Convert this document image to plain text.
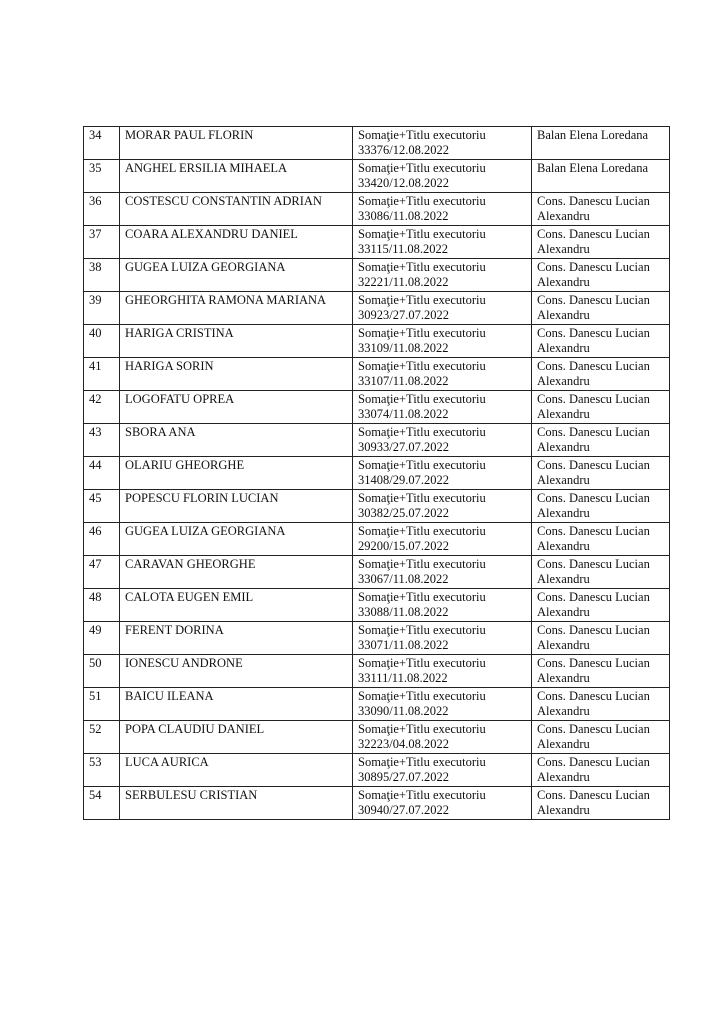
34	MORAR PAUL FLORIN	Somaţie+Titlu executoriu
33376/12.08.2022	Balan Elena Loredana

35	ANGHEL ERSILIA MIHAELA	Somaţie+Titlu executoriu
33420/12.08.2022	Balan Elena Loredana

36	COSTESCU CONSTANTIN ADRIAN	Somaţie+Titlu executoriu
33086/11.08.2022	Cons. Danescu Lucian
Alexandru

37	COARA ALEXANDRU DANIEL	Somaţie+Titlu executoriu
33115/11.08.2022	Cons. Danescu Lucian
Alexandru

38	GUGEA LUIZA GEORGIANA	Somaţie+Titlu executoriu
32221/11.08.2022	Cons. Danescu Lucian
Alexandru

39	GHEORGHITA RAMONA MARIANA	Somaţie+Titlu executoriu
30923/27.07.2022	Cons. Danescu Lucian
Alexandru

40	HARIGA CRISTINA	Somaţie+Titlu executoriu
33109/11.08.2022	Cons. Danescu Lucian
Alexandru

41	HARIGA SORIN	Somaţie+Titlu executoriu
33107/11.08.2022	Cons. Danescu Lucian
Alexandru

42	LOGOFATU OPREA	Somaţie+Titlu executoriu
33074/11.08.2022	Cons. Danescu Lucian
Alexandru

43	SBORA ANA	Somaţie+Titlu executoriu
30933/27.07.2022	Cons. Danescu Lucian
Alexandru

44	OLARIU GHEORGHE	Somaţie+Titlu executoriu
31408/29.07.2022	Cons. Danescu Lucian
Alexandru

45	POPESCU FLORIN LUCIAN	Somaţie+Titlu executoriu
30382/25.07.2022	Cons. Danescu Lucian
Alexandru

46	GUGEA LUIZA GEORGIANA	Somaţie+Titlu executoriu
29200/15.07.2022	Cons. Danescu Lucian
Alexandru

47	CARAVAN GHEORGHE	Somaţie+Titlu executoriu
33067/11.08.2022	Cons. Danescu Lucian
Alexandru

48	CALOTA EUGEN EMIL	Somaţie+Titlu executoriu
33088/11.08.2022	Cons. Danescu Lucian
Alexandru

49	FERENT DORINA	Somaţie+Titlu executoriu
33071/11.08.2022	Cons. Danescu Lucian
Alexandru

50	IONESCU ANDRONE	Somaţie+Titlu executoriu
33111/11.08.2022	Cons. Danescu Lucian
Alexandru

51	BAICU ILEANA	Somaţie+Titlu executoriu
33090/11.08.2022	Cons. Danescu Lucian
Alexandru

52	POPA CLAUDIU DANIEL	Somaţie+Titlu executoriu
32223/04.08.2022	Cons. Danescu Lucian
Alexandru

53	LUCA AURICA	Somaţie+Titlu executoriu
30895/27.07.2022	Cons. Danescu Lucian
Alexandru

54	SERBULESU CRISTIAN	Somaţie+Titlu executoriu
30940/27.07.2022	Cons. Danescu Lucian
Alexandru
